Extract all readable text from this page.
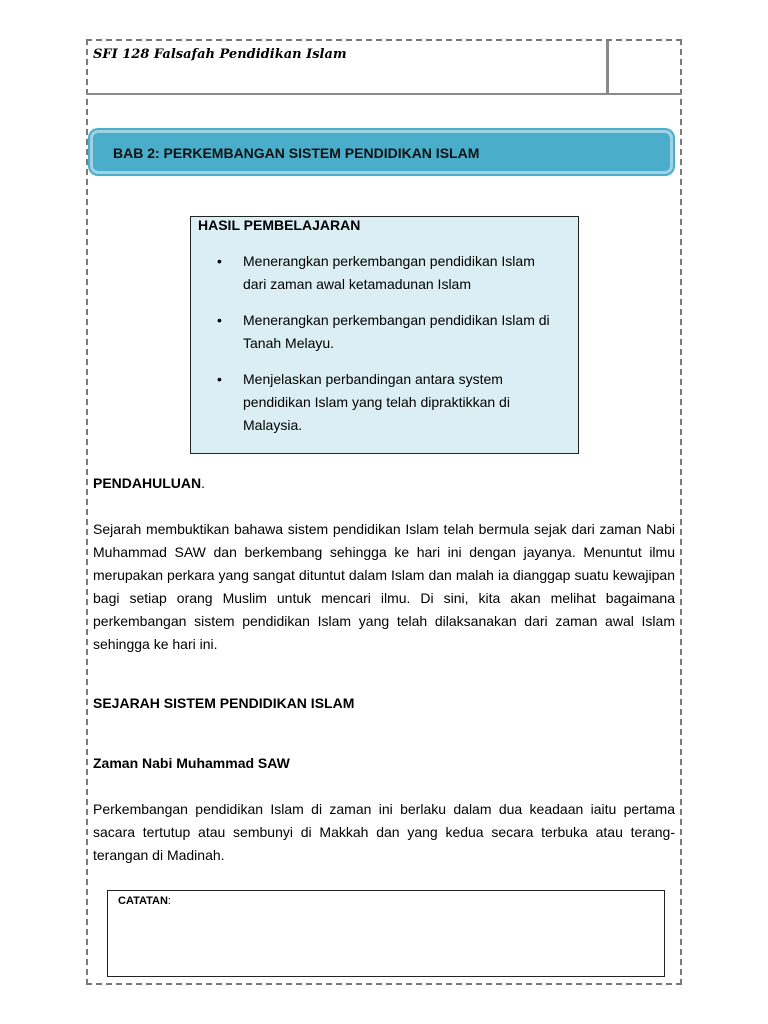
SFI 128 Falsafah Pendidikan Islam
BAB 2: PERKEMBANGAN SISTEM PENDIDIKAN ISLAM
HASIL PEMBELAJARAN
• Menerangkan perkembangan pendidikan Islam dari zaman awal ketamadunan Islam
• Menerangkan perkembangan pendidikan Islam di Tanah Melayu.
• Menjelaskan perbandingan antara system pendidikan Islam yang telah dipraktikkan di Malaysia.
PENDAHULUAN.

Sejarah membuktikan bahawa sistem pendidikan Islam telah bermula sejak dari zaman Nabi Muhammad SAW dan berkembang sehingga ke hari ini dengan jayanya. Menuntut ilmu merupakan perkara yang sangat dituntut dalam Islam dan malah ia dianggap suatu kewajipan bagi setiap orang Muslim untuk mencari ilmu. Di sini, kita akan melihat bagaimana perkembangan sistem pendidikan Islam yang telah dilaksanakan dari zaman awal Islam sehingga ke hari ini.

SEJARAH SISTEM PENDIDIKAN ISLAM
Zaman Nabi Muhammad SAW

Perkembangan pendidikan Islam di zaman ini berlaku dalam dua keadaan iaitu pertama sacara tertutup atau sembunyi di Makkah dan yang kedua secara terbuka atau terang-terangan di Madinah.

CATATAN:
